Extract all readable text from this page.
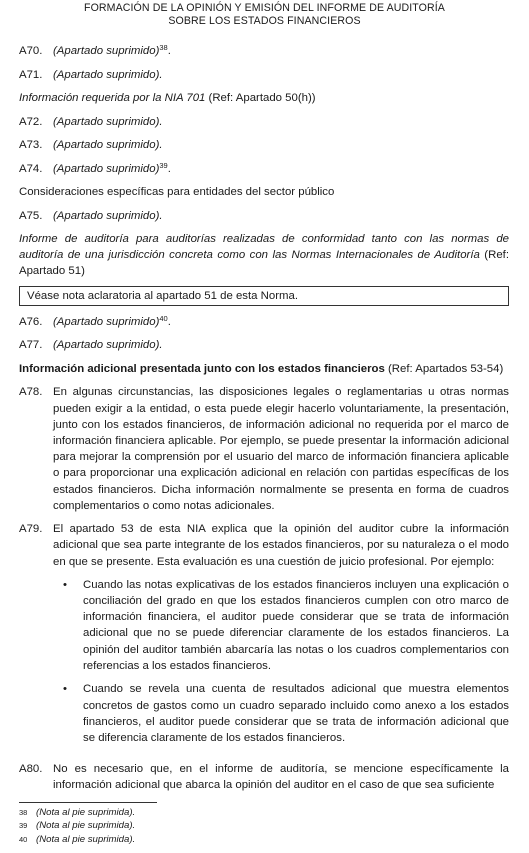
FORMACIÓN DE LA OPINIÓN Y EMISIÓN DEL INFORME DE AUDITORÍA
SOBRE LOS ESTADOS FINANCIEROS
A70. (Apartado suprimido)$^{38}$.
A71. (Apartado suprimido).
Información requerida por la NIA 701 (Ref: Apartado 50(h))
A72. (Apartado suprimido).
A73. (Apartado suprimido).
A74. (Apartado suprimido)$^{39}$.
Consideraciones específicas para entidades del sector público
A75. (Apartado suprimido).
Informe de auditoría para auditorías realizadas de conformidad tanto con las normas de auditoría de una jurisdicción concreta como con las Normas Internacionales de Auditoría (Ref: Apartado 51)
Véase nota aclaratoria al apartado 51 de esta Norma.
A76. (Apartado suprimido)$^{40}$.
A77. (Apartado suprimido).
Información adicional presentada junto con los estados financieros (Ref: Apartados 53-54)
A78. En algunas circunstancias, las disposiciones legales o reglamentarias u otras normas pueden exigir a la entidad, o esta puede elegir hacerlo voluntariamente, la presentación, junto con los estados financieros, de información adicional no requerida por el marco de información financiera aplicable. Por ejemplo, se puede presentar la información adicional para mejorar la comprensión por el usuario del marco de información financiera aplicable o para proporcionar una explicación adicional en relación con partidas específicas de los estados financieros. Dicha información normalmente se presenta en forma de cuadros complementarios o como notas adicionales.
A79. El apartado 53 de esta NIA explica que la opinión del auditor cubre la información adicional que sea parte integrante de los estados financieros, por su naturaleza o el modo en que se presente. Esta evaluación es una cuestión de juicio profesional. Por ejemplo:
•	Cuando las notas explicativas de los estados financieros incluyen una explicación o conciliación del grado en que los estados financieros cumplen con otro marco de información financiera, el auditor puede considerar que se trata de información adicional que no se puede diferenciar claramente de los estados financieros. La opinión del auditor también abarcaría las notas o los cuadros complementarios con referencias a los estados financieros.
•	Cuando se revela una cuenta de resultados adicional que muestra elementos concretos de gastos como un cuadro separado incluido como anexo a los estados financieros, el auditor puede considerar que se trata de información adicional que se diferencia claramente de los estados financieros.
A80. No es necesario que, en el informe de auditoría, se mencione específicamente la información adicional que abarca la opinión del auditor en el caso de que sea suficiente
38 (Nota al pie suprimida).
39 (Nota al pie suprimida).
40 (Nota al pie suprimida).
